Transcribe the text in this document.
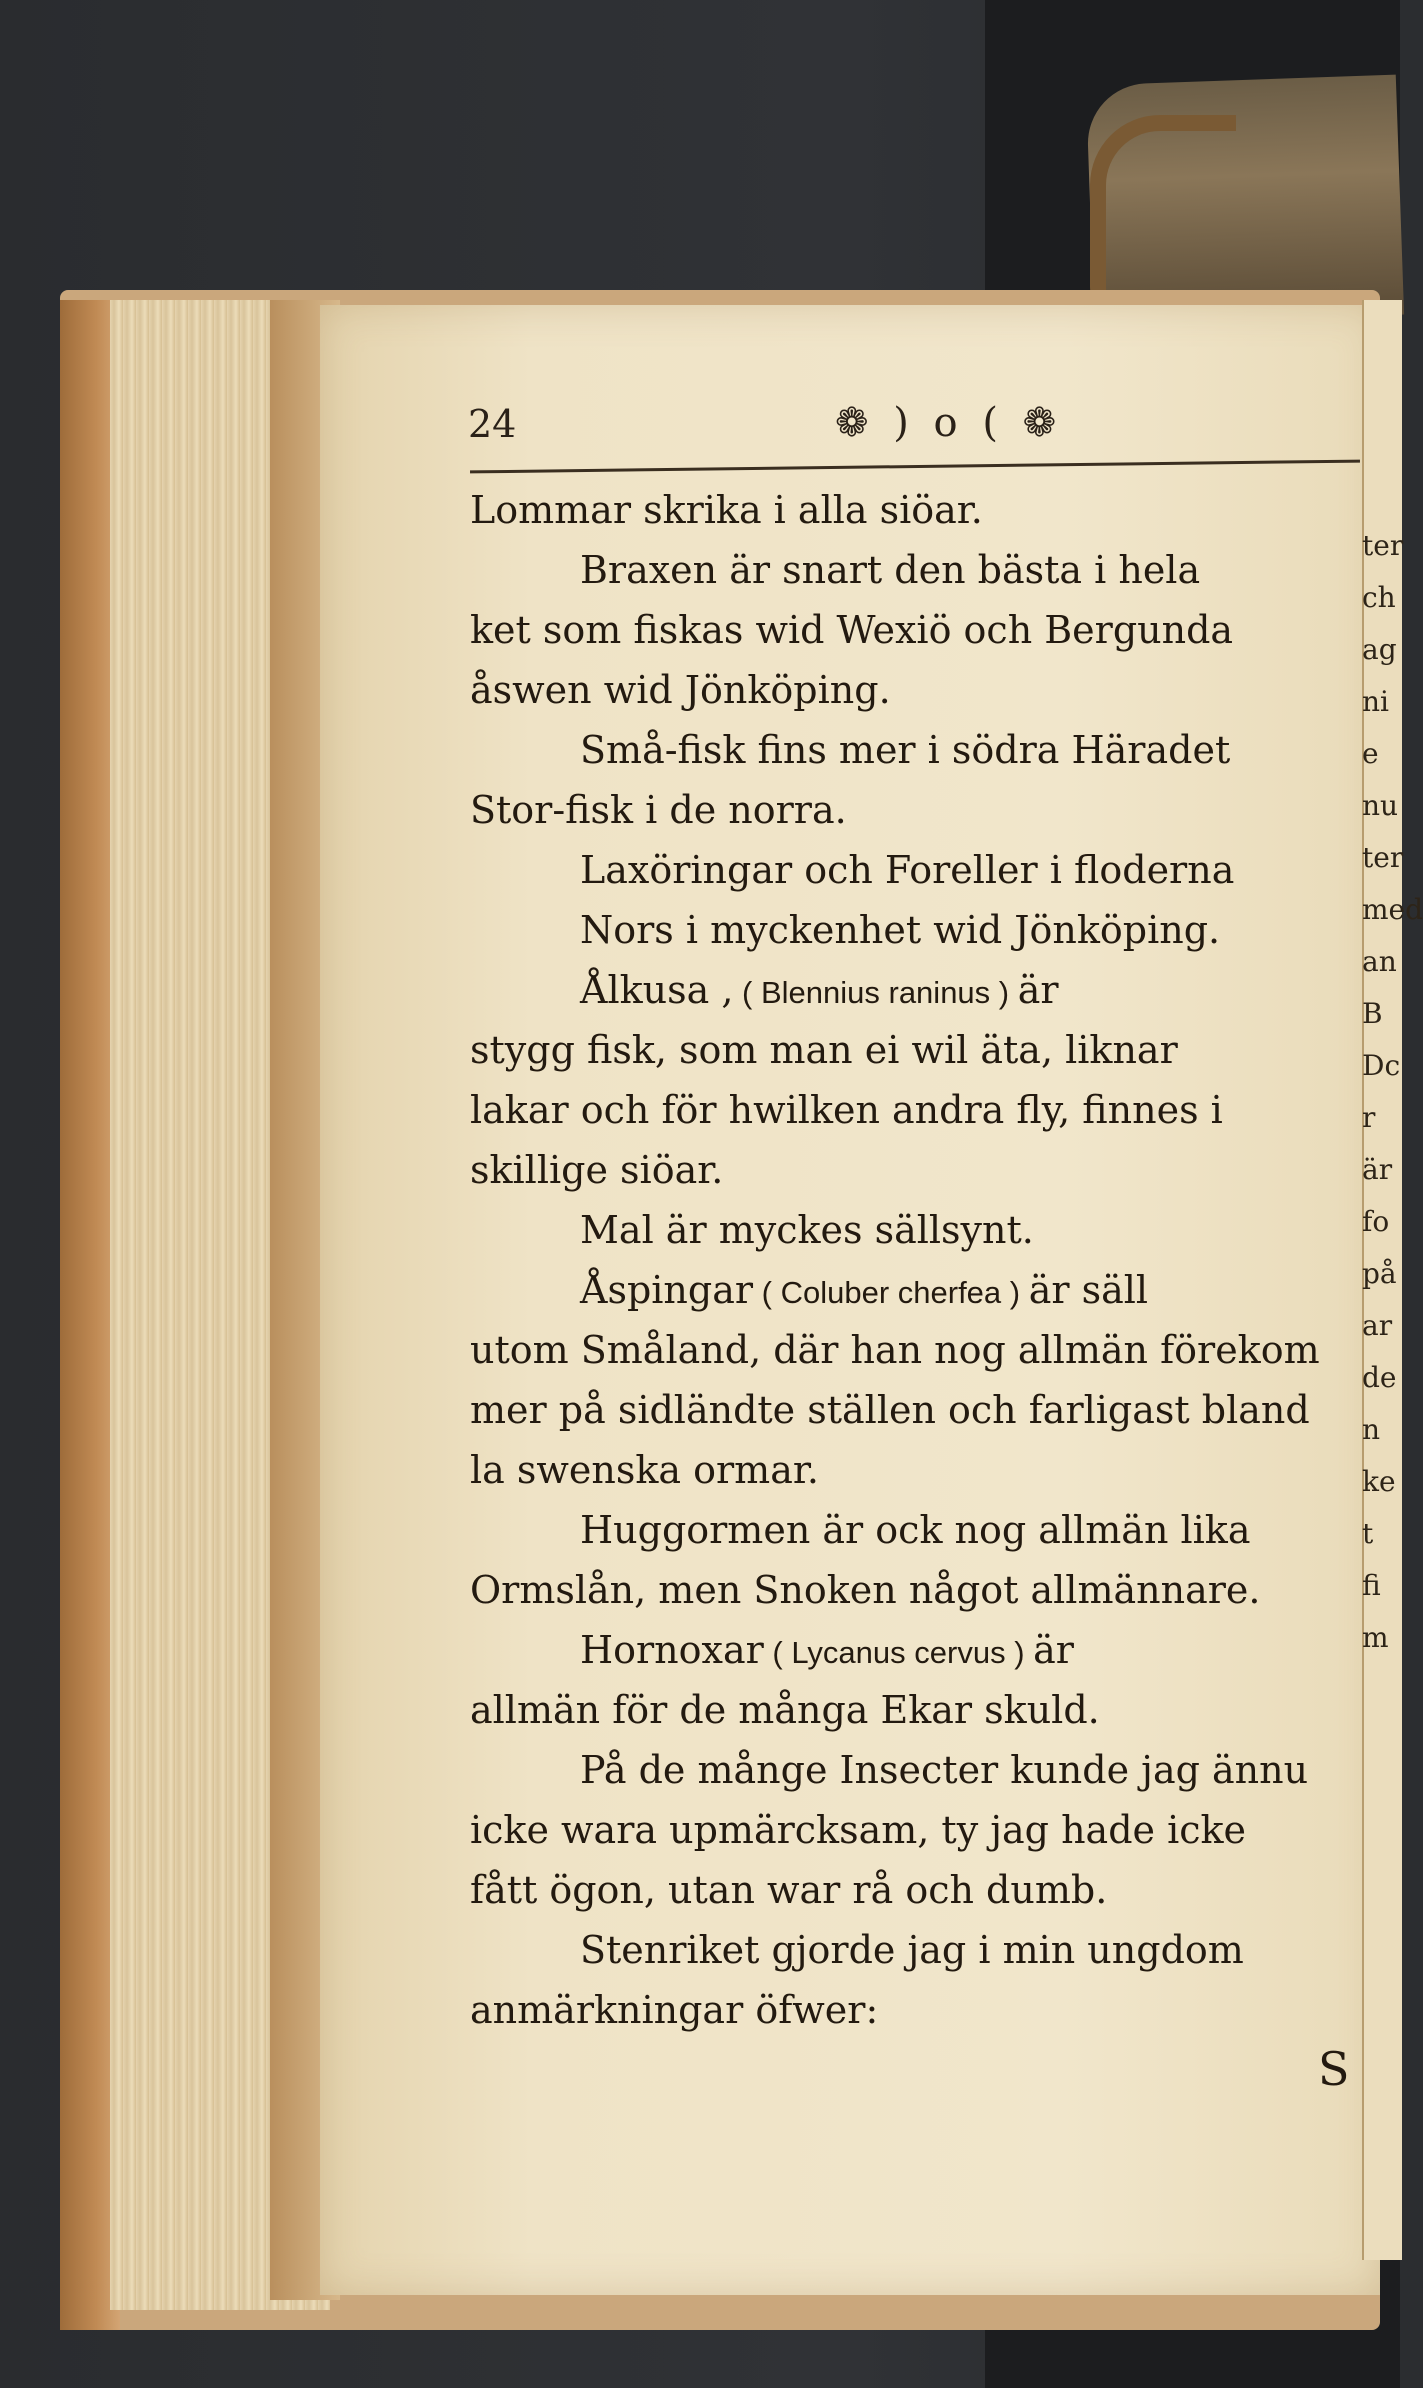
24	❁ ) o ( ❁
Lommar skrika i alla siöar.
Braxen är snart den bästa i hela
ket som fiskas wid Wexiö och Bergunda
åswen wid Jönköping.
Små-fisk fins mer i södra Häradet
Stor-fisk i de norra.
Laxöringar och Foreller i floderna
Nors i myckenhet wid Jönköping.
Ålkusa , ( Blennius raninus ) är
stygg fisk, som man ei wil äta, liknar
lakar och för hwilken andra fly, finnes i
skillige siöar.
Mal är myckes sällsynt.
Åspingar ( Coluber cherfea ) är säll
utom Småland, där han nog allmän förekom
mer på sidländte ställen och farligast bland
la swenska ormar.
Huggormen är ock nog allmän lika
Ormslån, men Snoken något allmännare.
Hornoxar ( Lycanus cervus ) är
allmän för de många Ekar skuld.
På de månge Insecter kunde jag ännu
icke wara upmärcksam, ty jag hade icke
fått ögon, utan war rå och dumb.
Stenriket gjorde jag i min ungdom
anmärkningar öfwer:
ter
ch
ag
ni
e
nu
ter
med
an
B
Dc
r
är
fo
på
ar
de
n
ke
t
fi
m
S
